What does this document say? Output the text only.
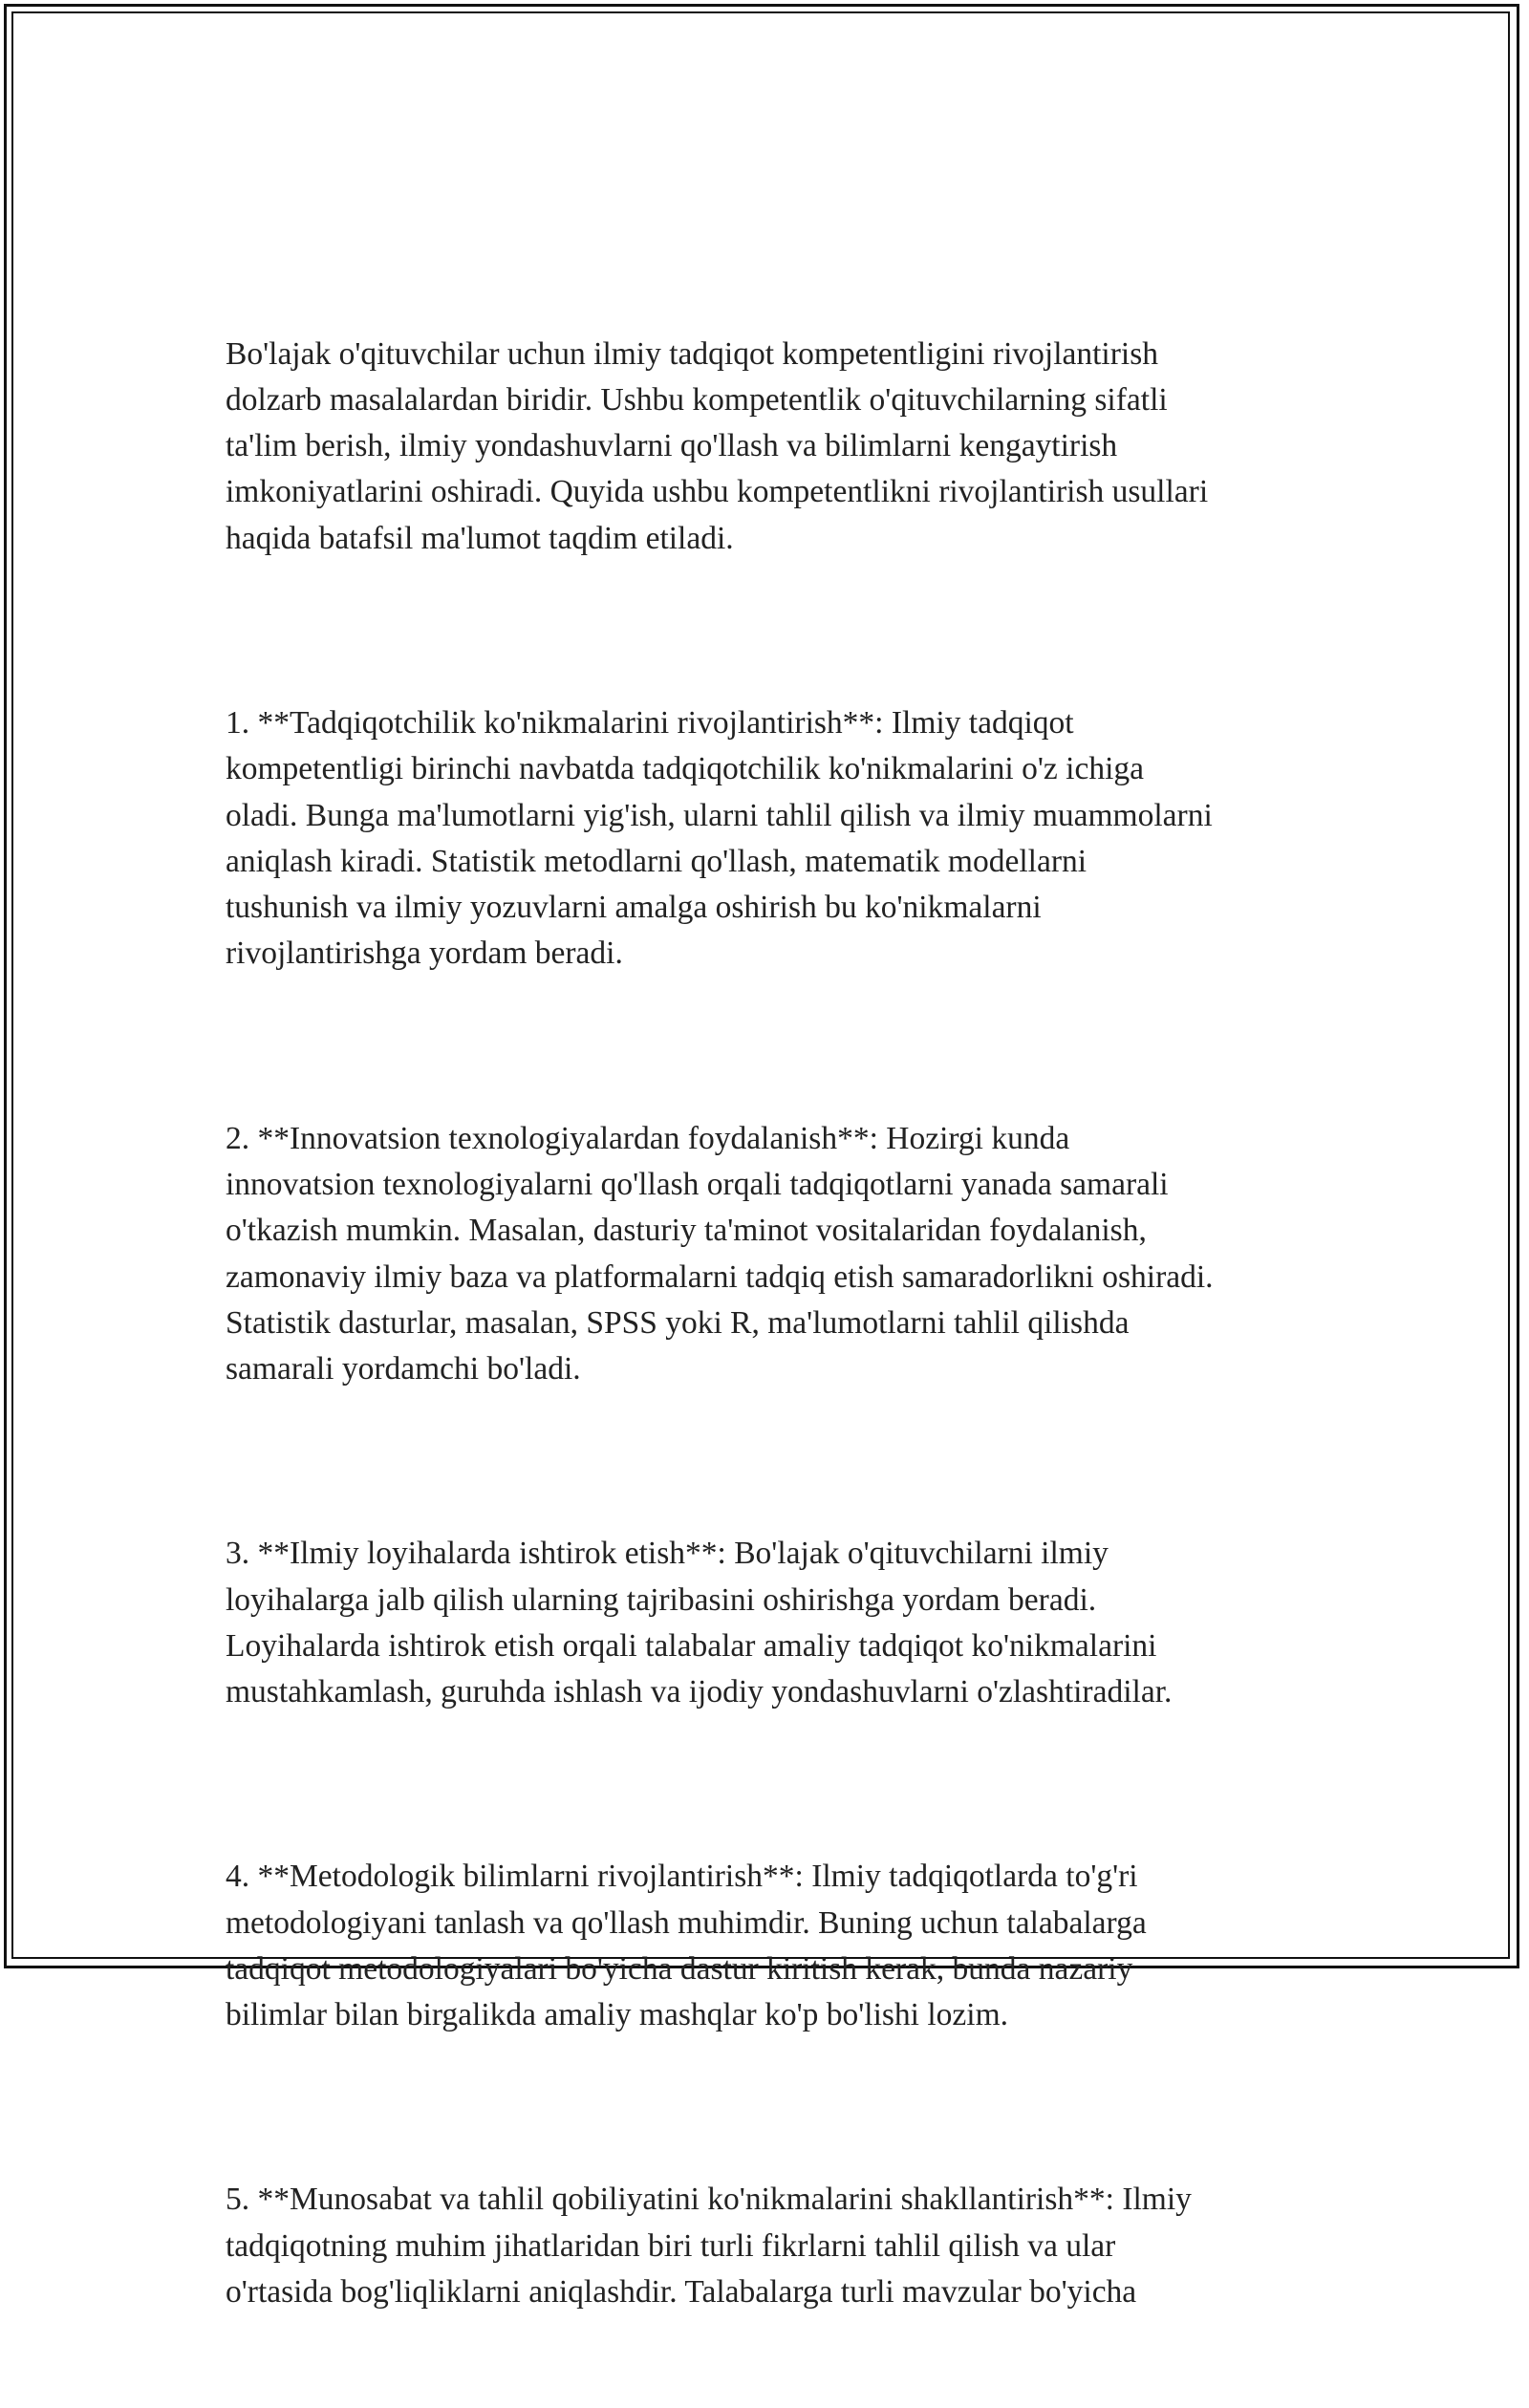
Bo'lajak o'qituvchilar uchun ilmiy tadqiqot kompetentligini rivojlantirish
dolzarb masalalardan biridir. Ushbu kompetentlik o'qituvchilarning sifatli
ta'lim berish, ilmiy yondashuvlarni qo'llash va bilimlarni kengaytirish
imkoniyatlarini oshiradi. Quyida ushbu kompetentlikni rivojlantirish usullari
haqida batafsil ma'lumot taqdim etiladi.

1. **Tadqiqotchilik ko'nikmalarini rivojlantirish**: Ilmiy tadqiqot
kompetentligi birinchi navbatda tadqiqotchilik ko'nikmalarini o'z ichiga
oladi. Bunga ma'lumotlarni yig'ish, ularni tahlil qilish va ilmiy muammolarni
aniqlash kiradi. Statistik metodlarni qo'llash, matematik modellarni
tushunish va ilmiy yozuvlarni amalga oshirish bu ko'nikmalarni
rivojlantirishga yordam beradi.

2. **Innovatsion texnologiyalardan foydalanish**: Hozirgi kunda
innovatsion texnologiyalarni qo'llash orqali tadqiqotlarni yanada samarali
o'tkazish mumkin. Masalan, dasturiy ta'minot vositalaridan foydalanish,
zamonaviy ilmiy baza va platformalarni tadqiq etish samaradorlikni oshiradi.
Statistik dasturlar, masalan, SPSS yoki R, ma'lumotlarni tahlil qilishda
samarali yordamchi bo'ladi.

3. **Ilmiy loyihalarda ishtirok etish**: Bo'lajak o'qituvchilarni ilmiy
loyihalarga jalb qilish ularning tajribasini oshirishga yordam beradi.
Loyihalarda ishtirok etish orqali talabalar amaliy tadqiqot ko'nikmalarini
mustahkamlash, guruhda ishlash va ijodiy yondashuvlarni o'zlashtiradilar.

4. **Metodologik bilimlarni rivojlantirish**: Ilmiy tadqiqotlarda to'g'ri
metodologiyani tanlash va qo'llash muhimdir. Buning uchun talabalarga
tadqiqot metodologiyalari bo'yicha dastur kiritish kerak, bunda nazariy
bilimlar bilan birgalikda amaliy mashqlar ko'p bo'lishi lozim.

5. **Munosabat va tahlil qobiliyatini ko'nikmalarini shakllantirish**: Ilmiy
tadqiqotning muhim jihatlaridan biri turli fikrlarni tahlil qilish va ular
o'rtasida bog'liqliklarni aniqlashdir. Talabalarga turli mavzular bo'yicha
